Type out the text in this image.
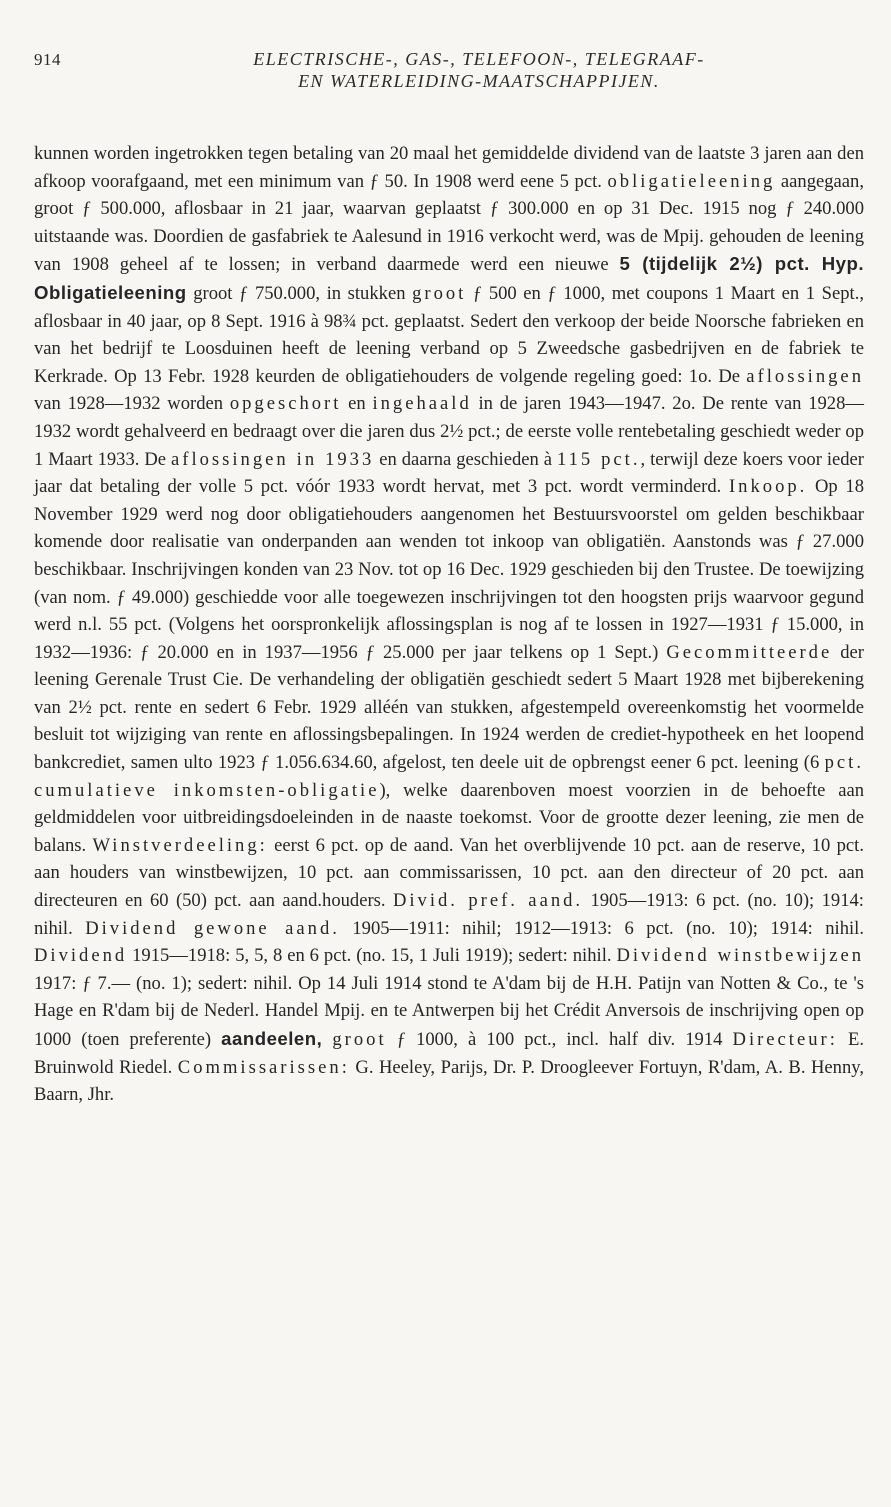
914	ELECTRISCHE-, GAS-, TELEFOON-, TELEGRAAF-
EN WATERLEIDING-MAATSCHAPPIJEN.

kunnen worden ingetrokken tegen betaling van 20 maal het gemiddelde dividend van de laatste 3 jaren aan den afkoop voorafgaand, met een minimum van ƒ 50. In 1908 werd eene 5 pct. obligatieleening aangegaan, groot ƒ 500.000, aflosbaar in 21 jaar, waarvan geplaatst ƒ 300.000 en op 31 Dec. 1915 nog ƒ 240.000 uitstaande was. Doordien de gasfabriek te Aalesund in 1916 verkocht werd, was de Mpij. gehouden de leening van 1908 geheel af te lossen; in verband daarmede werd een nieuwe 5 (tijdelijk 2½) pct. Hyp. Obligatieleening groot ƒ 750.000, in stukken groot ƒ 500 en ƒ 1000, met coupons 1 Maart en 1 Sept., aflosbaar in 40 jaar, op 8 Sept. 1916 à 98¾ pct. geplaatst. Sedert den verkoop der beide Noorsche fabrieken en van het bedrijf te Loosduinen heeft de leening verband op 5 Zweedsche gasbedrijven en de fabriek te Kerkrade. Op 13 Febr. 1928 keurden de obligatiehouders de volgende regeling goed: 1o. De aflossingen van 1928—1932 worden opgeschort en ingehaald in de jaren 1943—1947. 2o. De rente van 1928—1932 wordt gehalveerd en bedraagt over die jaren dus 2½ pct.; de eerste volle rentebetaling geschiedt weder op 1 Maart 1933. De aflossingen in 1933 en daarna geschieden à 115 pct., terwijl deze koers voor ieder jaar dat betaling der volle 5 pct. vóór 1933 wordt hervat, met 3 pct. wordt verminderd. Inkoop. Op 18 November 1929 werd nog door obligatiehouders aangenomen het Bestuursvoorstel om gelden beschikbaar komende door realisatie van onderpanden aan wenden tot inkoop van obligatiën. Aanstonds was ƒ 27.000 beschikbaar. Inschrijvingen konden van 23 Nov. tot op 16 Dec. 1929 geschieden bij den Trustee. De toewijzing (van nom. ƒ 49.000) geschiedde voor alle toegewezen inschrijvingen tot den hoogsten prijs waarvoor gegund werd n.l. 55 pct. (Volgens het oorspronkelijk aflossingsplan is nog af te lossen in 1927—1931 ƒ 15.000, in 1932—1936: ƒ 20.000 en in 1937—1956 ƒ 25.000 per jaar telkens op 1 Sept.) Gecommitteerde der leening Gerenale Trust Cie. De verhandeling der obligatiën geschiedt sedert 5 Maart 1928 met bijberekening van 2½ pct. rente en sedert 6 Febr. 1929 alléén van stukken, afgestempeld overeenkomstig het voormelde besluit tot wijziging van rente en aflossingsbepalingen. In 1924 werden de crediet-hypotheek en het loopend bankcrediet, samen ulto 1923 ƒ 1.056.634.60, afgelost, ten deele uit de opbrengst eener 6 pct. leening (6 pct. cumulatieve inkomsten-obligatie), welke daarenboven moest voorzien in de behoefte aan geldmiddelen voor uitbreidingsdoeleinden in de naaste toekomst. Voor de grootte dezer leening, zie men de balans. Winstverdeeling: eerst 6 pct. op de aand. Van het overblijvende 10 pct. aan de reserve, 10 pct. aan houders van winstbewijzen, 10 pct. aan commissarissen, 10 pct. aan den directeur of 20 pct. aan directeuren en 60 (50) pct. aan aand.houders. Divid. pref. aand. 1905—1913: 6 pct. (no. 10); 1914: nihil. Dividend gewone aand. 1905—1911: nihil; 1912—1913: 6 pct. (no. 10); 1914: nihil. Dividend 1915—1918: 5, 5, 8 en 6 pct. (no. 15, 1 Juli 1919); sedert: nihil. Dividend winstbewijzen 1917: ƒ 7.— (no. 1); sedert: nihil. Op 14 Juli 1914 stond te A'dam bij de H.H. Patijn van Notten & Co., te 's Hage en R'dam bij de Nederl. Handel Mpij. en te Antwerpen bij het Crédit Anversois de inschrijving open op 1000 (toen preferente) aandeelen, groot ƒ 1000, à 100 pct., incl. half div. 1914 Directeur: E. Bruinwold Riedel. Commissarissen: G. Heeley, Parijs, Dr. P. Droogleever Fortuyn, R'dam, A. B. Henny, Baarn, Jhr.
